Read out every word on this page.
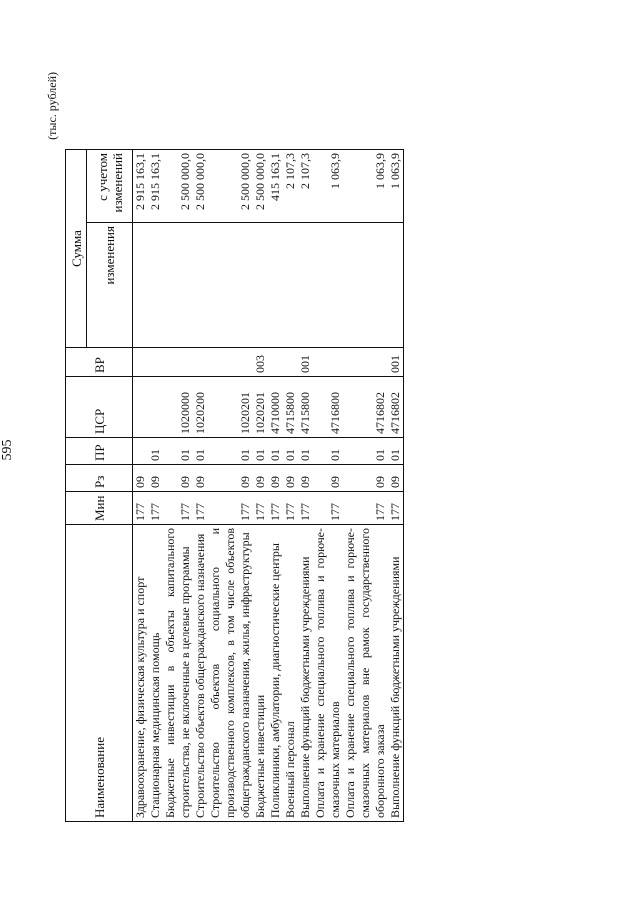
595
(тыс. рублей)
Наименование	Мин	Рз	ПР	ЦСР	ВР	Сумма	
						изменения	с учетом изменений
Здравоохранение, физическая культура и спорт	177	09					2 915 163,1
Стационарная медицинская помощь	177	09	01				2 915 163,1
Бюджетные инвестиции в объекты капитального строительства, не включенные в целевые программы	177	09	01	1020000			2 500 000,0
Строительство объектов общегражданского назначения	177	09	01	1020200			2 500 000,0
Строительство объектов социального и производственного комплексов, в том числе объектов общегражданского назначения, жилья, инфраструктуры	177	09	01	1020201			2 500 000,0
Бюджетные инвестиции	177	09	01	1020201	003		2 500 000,0
Поликлиники, амбулатории, диагностические центры	177	09	01	4710000			415 163,1
Военный персонал	177	09	01	4715800			2 107,3
Выполнение функций бюджетными учреждениями	177	09	01	4715800	001		2 107,3
Оплата и хранение специального топлива и горюче-смазочных материалов	177	09	01	4716800			1 063,9
Оплата и хранение специального топлива и горюче-смазочных материалов вне рамок государственного оборонного заказа	177	09	01	4716802			1 063,9
Выполнение функций бюджетными учреждениями	177	09	01	4716802	001		1 063,9
